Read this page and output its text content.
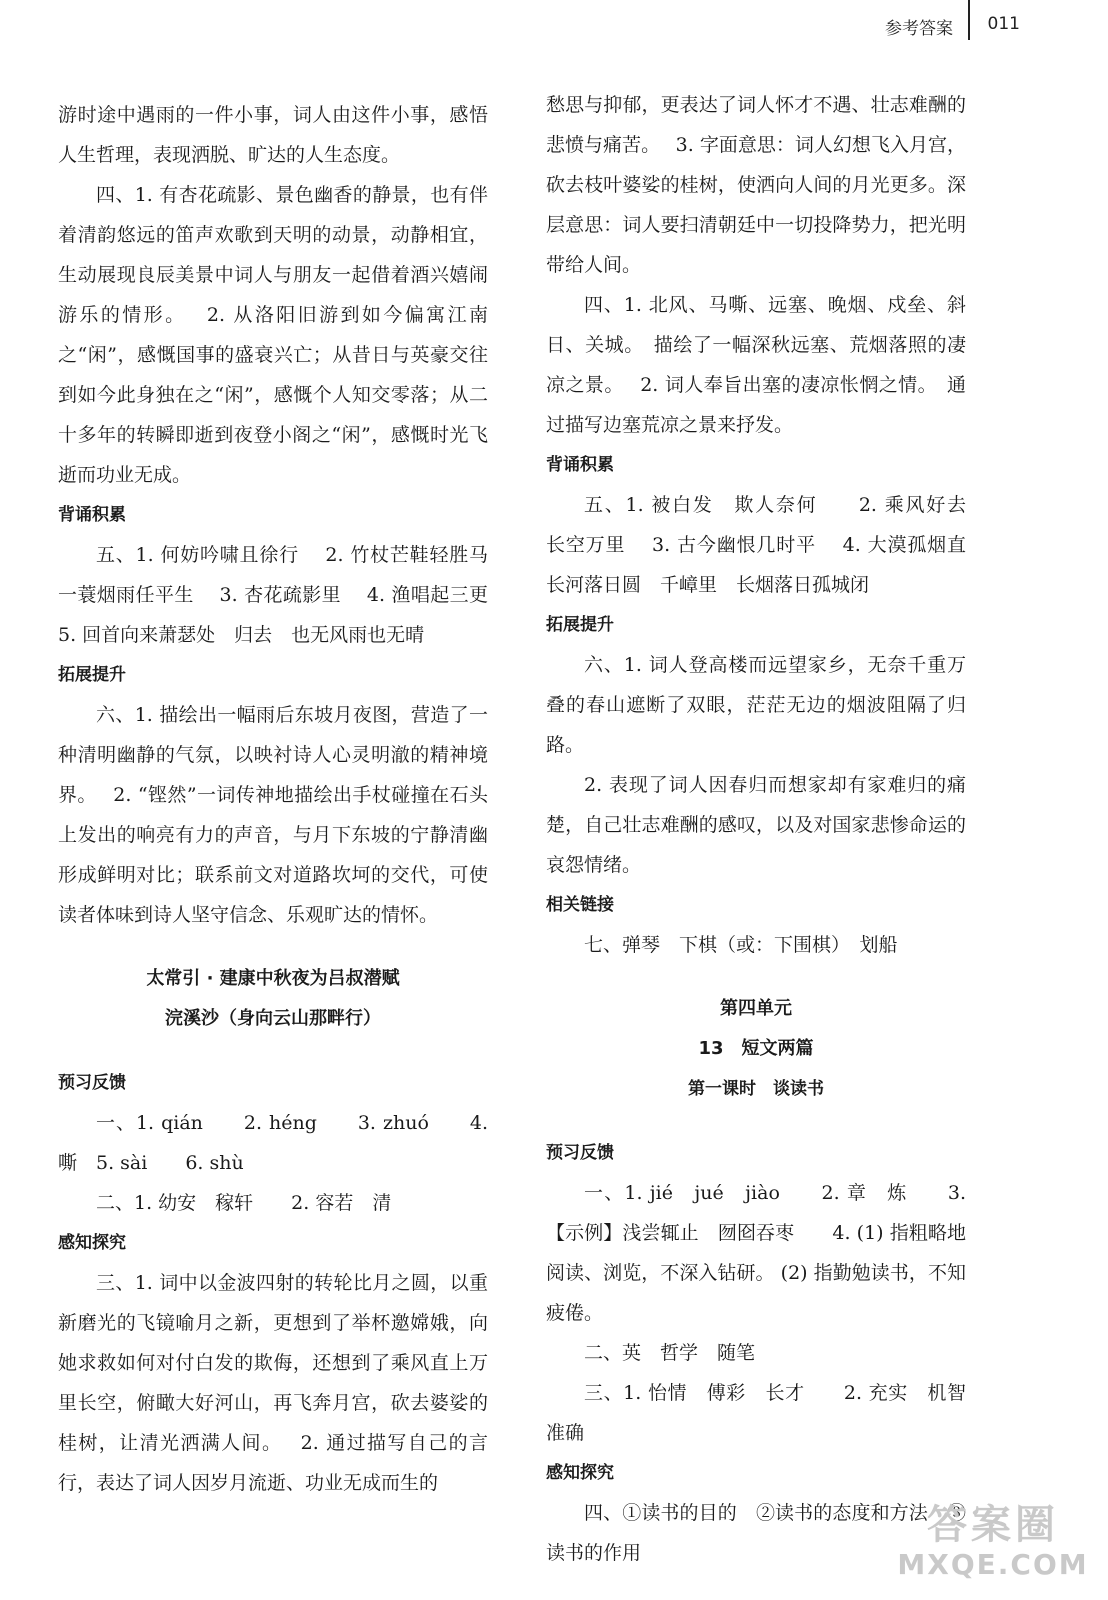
参考答案 011

游时途中遇雨的一件小事，词人由这件小事，感悟人生哲理，表现洒脱、旷达的人生态度。

四、1. 有杏花疏影、景色幽香的静景，也有伴着清韵悠远的笛声欢歌到天明的动景，动静相宜，生动展现良辰美景中词人与朋友一起借着酒兴嬉闹游乐的情形。　 2. 从洛阳旧游到如今偏寓江南之“闲”，感慨国事的盛衰兴亡；从昔日与英豪交往到如今此身独在之“闲”，感慨个人知交零落；从二十多年的转瞬即逝到夜登小阁之“闲”，感慨时光飞逝而功业无成。

背诵积累

五、1. 何妨吟啸且徐行　 2. 竹杖芒鞋轻胜马　一蓑烟雨任平生　 3. 杏花疏影里　 4. 渔唱起三更　 5. 回首向来萧瑟处　归去　也无风雨也无晴

拓展提升

六、1. 描绘出一幅雨后东坡月夜图，营造了一种清明幽静的气氛，以映衬诗人心灵明澈的精神境界。　 2. “铿然”一词传神地描绘出手杖碰撞在石头上发出的响亮有力的声音，与月下东坡的宁静清幽形成鲜明对比；联系前文对道路坎坷的交代，可使读者体味到诗人坚守信念、乐观旷达的情怀。

太常引 · 建康中秋夜为吕叔潜赋
浣溪沙（身向云山那畔行）
预习反馈

一、1. qián　　2. héng　　3. zhuó　　4. 嘶　5. sài　　6. shù

二、1. 幼安　稼轩　　2. 容若　清

感知探究

三、1. 词中以金波四射的转轮比月之圆，以重新磨光的飞镜喻月之新，更想到了举杯邀嫦娥，向她求救如何对付白发的欺侮，还想到了乘风直上万里长空，俯瞰大好河山，再飞奔月宫，砍去婆娑的桂树，让清光洒满人间。　 2. 通过描写自己的言行，表达了词人因岁月流逝、功业无成而生的

愁思与抑郁，更表达了词人怀才不遇、壮志难酬的悲愤与痛苦。　 3. 字面意思：词人幻想飞入月宫，砍去枝叶婆娑的桂树，使洒向人间的月光更多。深层意思：词人要扫清朝廷中一切投降势力，把光明带给人间。

四、1. 北风、马嘶、远塞、晚烟、戍垒、斜日、关城。　描绘了一幅深秋远塞、荒烟落照的凄凉之景。　 2. 词人奉旨出塞的凄凉怅惘之情。　通过描写边塞荒凉之景来抒发。

背诵积累

五、1. 被白发　欺人奈何　　2. 乘风好去　长空万里　 3. 古今幽恨几时平　 4. 大漠孤烟直　长河落日圆　千嶂里　长烟落日孤城闭

拓展提升

六、1. 词人登高楼而远望家乡，无奈千重万叠的春山遮断了双眼，茫茫无边的烟波阻隔了归路。

2. 表现了词人因春归而想家却有家难归的痛楚，自己壮志难酬的感叹，以及对国家悲惨命运的哀怨情绪。

相关链接

七、弹琴　下棋（或：下围棋）　划船

第四单元
13　短文两篇
第一课时　谈读书
预习反馈

一、1. jié　jué　jiào　　2. 章　炼　　3.【示例】浅尝辄止　囫囵吞枣　　4. (1) 指粗略地阅读、浏览，不深入钻研。 (2) 指勤勉读书，不知疲倦。

二、英　哲学　随笔

三、1. 怡情　傅彩　长才　　2. 充实　机智　准确

感知探究

四、①读书的目的　②读书的态度和方法　③读书的作用

答案圈
MXQE.COM
